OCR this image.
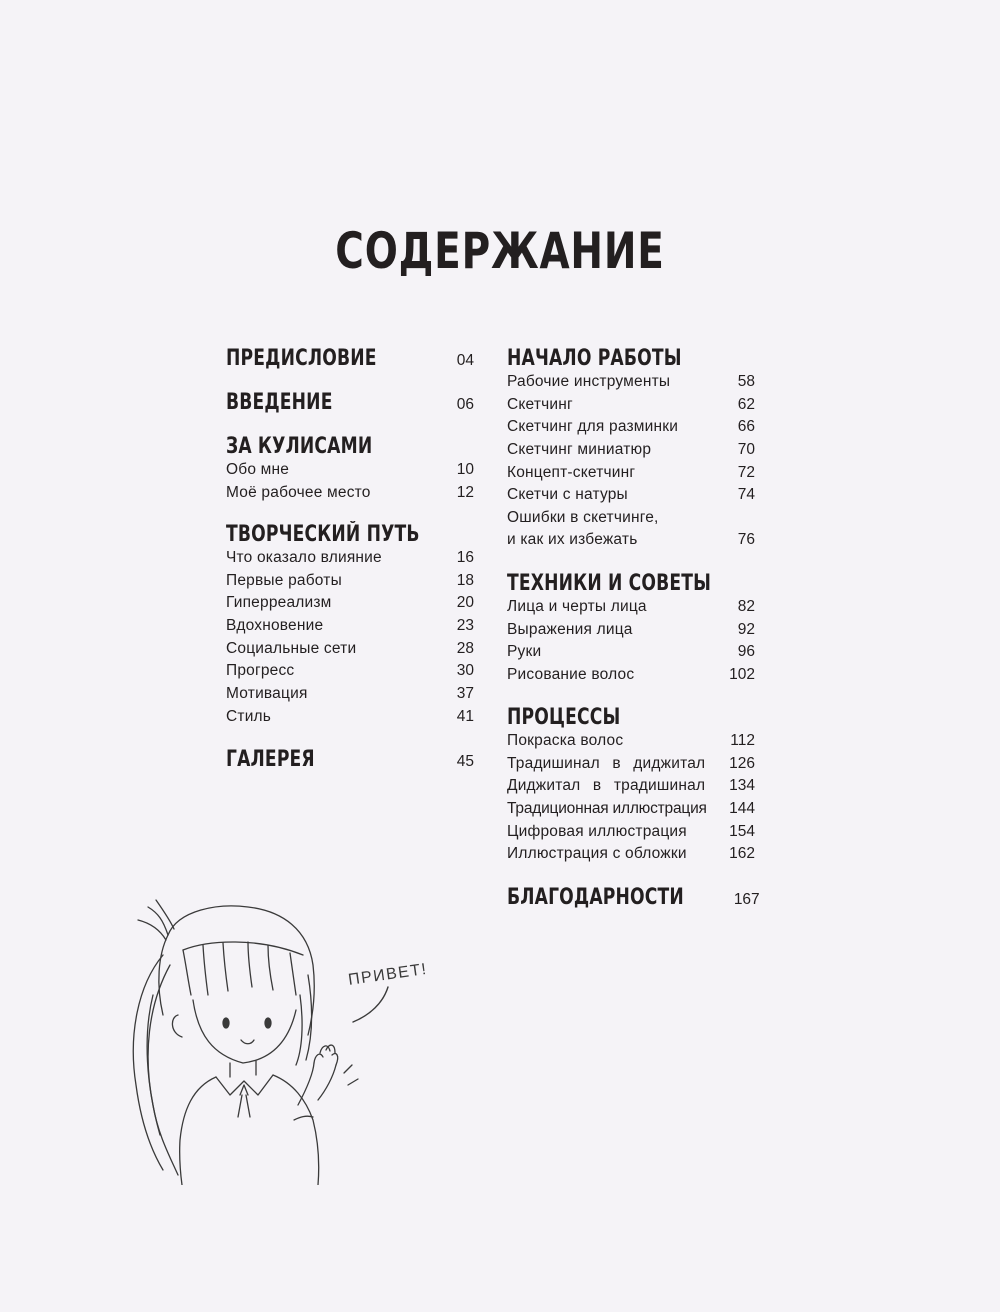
СОДЕРЖАНИЕ
ПРЕДИСЛОВИЕ	04
ВВЕДЕНИЕ	06
ЗА КУЛИСАМИ
Обо мне	10
Моё рабочее место	12
ТВОРЧЕСКИЙ ПУТЬ
Что оказало влияние	16
Первые работы	18
Гиперреализм	20
Вдохновение	23
Социальные сети	28
Прогресс	30
Мотивация	37
Стиль	41
ГАЛЕРЕЯ	45
НАЧАЛО РАБОТЫ
Рабочие инструменты	58
Скетчинг	62
Скетчинг для разминки	66
Скетчинг миниатюр	70
Концепт-скетчинг	72
Скетчи с натуры	74
Ошибки в скетчинге,
и как их избежать	76
ТЕХНИКИ И СОВЕТЫ
Лица и черты лица	82
Выражения лица	92
Руки	96
Рисование волос	102
ПРОЦЕССЫ
Покраска волос	112
Традишинал в диджитал 126
Диджитал в традишинал 134
Традиционная иллюстрация 144
Цифровая иллюстрация	154
Иллюстрация с обложки	162
БЛАГОДАРНОСТИ	167
ПРИВЕТ!
